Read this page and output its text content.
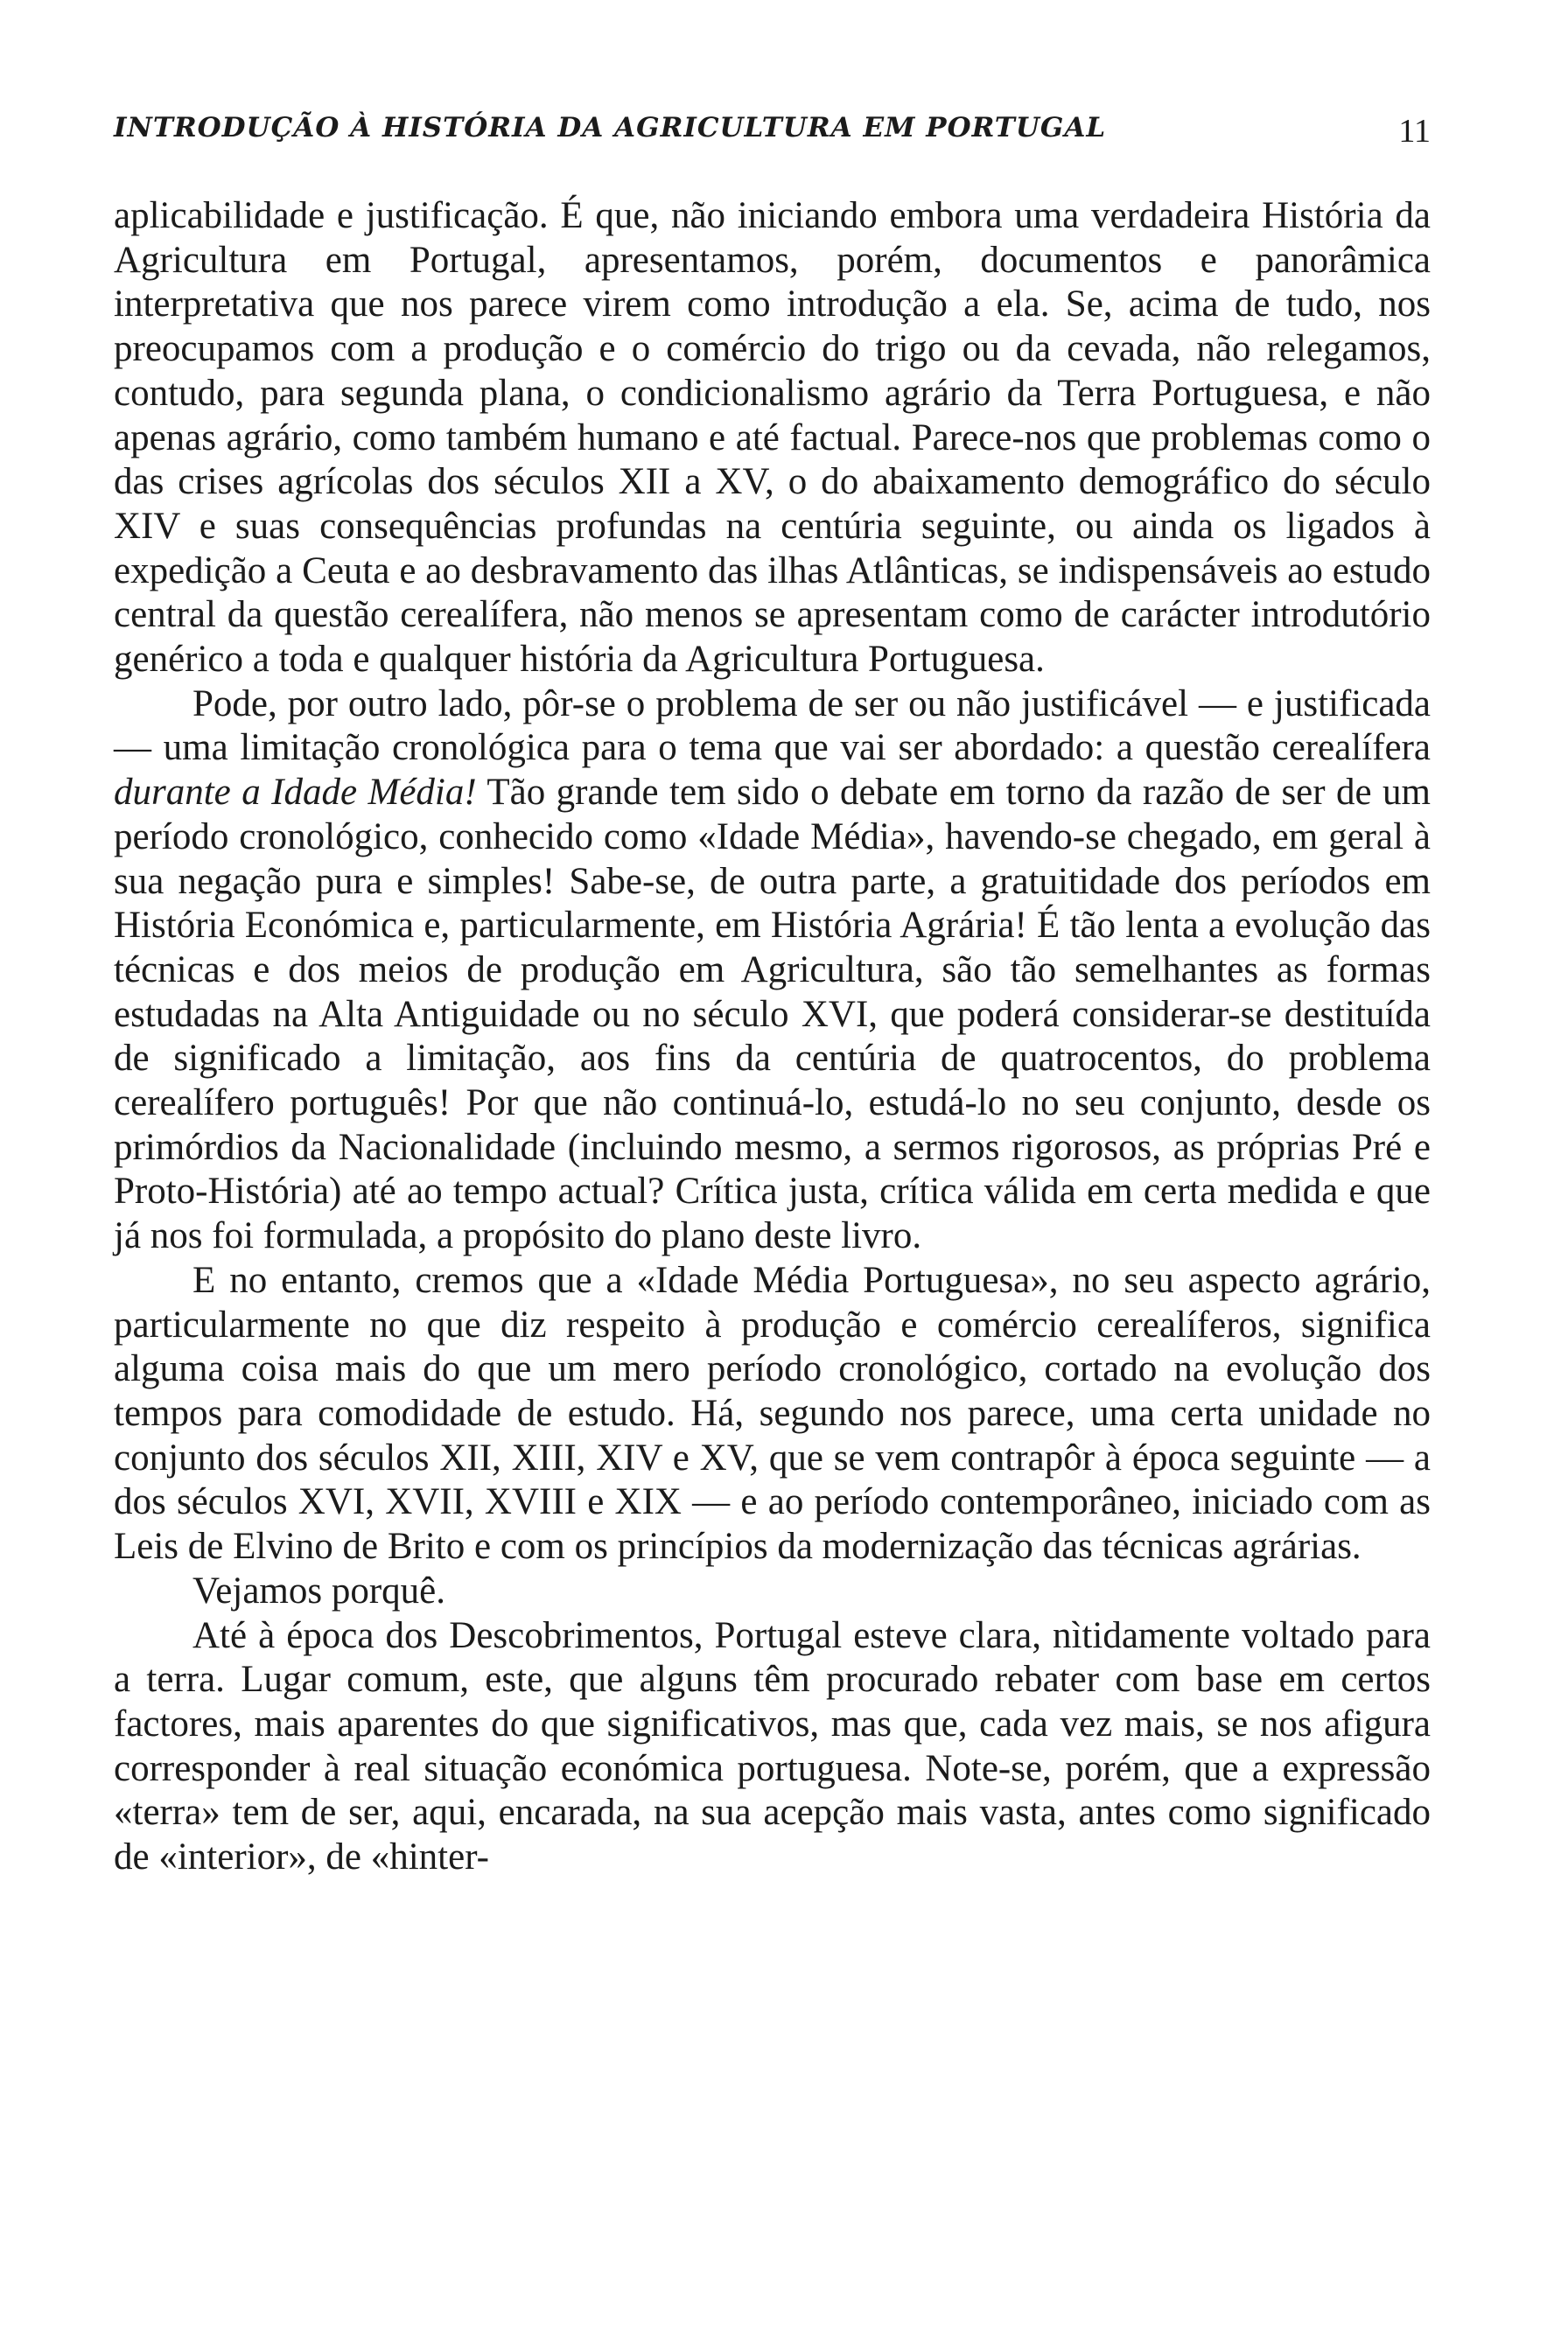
INTRODUÇÃO À HISTÓRIA DA AGRICULTURA EM PORTUGAL	11

aplicabilidade e justificação. É que, não iniciando embora uma verdadeira História da Agricultura em Portugal, apresentamos, porém, documentos e panorâmica interpretativa que nos parece virem como introdução a ela. Se, acima de tudo, nos preocupamos com a produção e o comércio do trigo ou da cevada, não relegamos, contudo, para segunda plana, o condicionalismo agrário da Terra Portuguesa, e não apenas agrário, como também humano e até factual. Parece-nos que problemas como o das crises agrícolas dos séculos XII a XV, o do abaixamento demográfico do século XIV e suas consequências profundas na centúria seguinte, ou ainda os ligados à expedição a Ceuta e ao desbravamento das ilhas Atlânticas, se indispensáveis ao estudo central da questão cerealífera, não menos se apresentam como de carácter introdutório genérico a toda e qualquer história da Agricultura Portuguesa.

Pode, por outro lado, pôr-se o problema de ser ou não justificável — e justificada — uma limitação cronológica para o tema que vai ser abordado: a questão cerealífera durante a Idade Média! Tão grande tem sido o debate em torno da razão de ser de um período cronológico, conhecido como «Idade Média», havendo-se chegado, em geral à sua negação pura e simples! Sabe-se, de outra parte, a gratuitidade dos períodos em História Económica e, particularmente, em História Agrária! É tão lenta a evolução das técnicas e dos meios de produção em Agricultura, são tão semelhantes as formas estudadas na Alta Antiguidade ou no século XVI, que poderá considerar-se destituída de significado a limitação, aos fins da centúria de quatrocentos, do problema cerealífero português! Por que não continuá-lo, estudá-lo no seu conjunto, desde os primórdios da Nacionalidade (incluindo mesmo, a sermos rigorosos, as próprias Pré e Proto-História) até ao tempo actual? Crítica justa, crítica válida em certa medida e que já nos foi formulada, a propósito do plano deste livro.

E no entanto, cremos que a «Idade Média Portuguesa», no seu aspecto agrário, particularmente no que diz respeito à produção e comércio cerealíferos, significa alguma coisa mais do que um mero período cronológico, cortado na evolução dos tempos para comodidade de estudo. Há, segundo nos parece, uma certa unidade no conjunto dos séculos XII, XIII, XIV e XV, que se vem contrapôr à época seguinte — a dos séculos XVI, XVII, XVIII e XIX — e ao período contemporâneo, iniciado com as Leis de Elvino de Brito e com os princípios da modernização das técnicas agrárias.

Vejamos porquê.

Até à época dos Descobrimentos, Portugal esteve clara, nìtidamente voltado para a terra. Lugar comum, este, que alguns têm procurado rebater com base em certos factores, mais aparentes do que significativos, mas que, cada vez mais, se nos afigura corresponder à real situação económica portuguesa. Note-se, porém, que a expressão «terra» tem de ser, aqui, encarada, na sua acepção mais vasta, antes como significado de «interior», de «hinter-
